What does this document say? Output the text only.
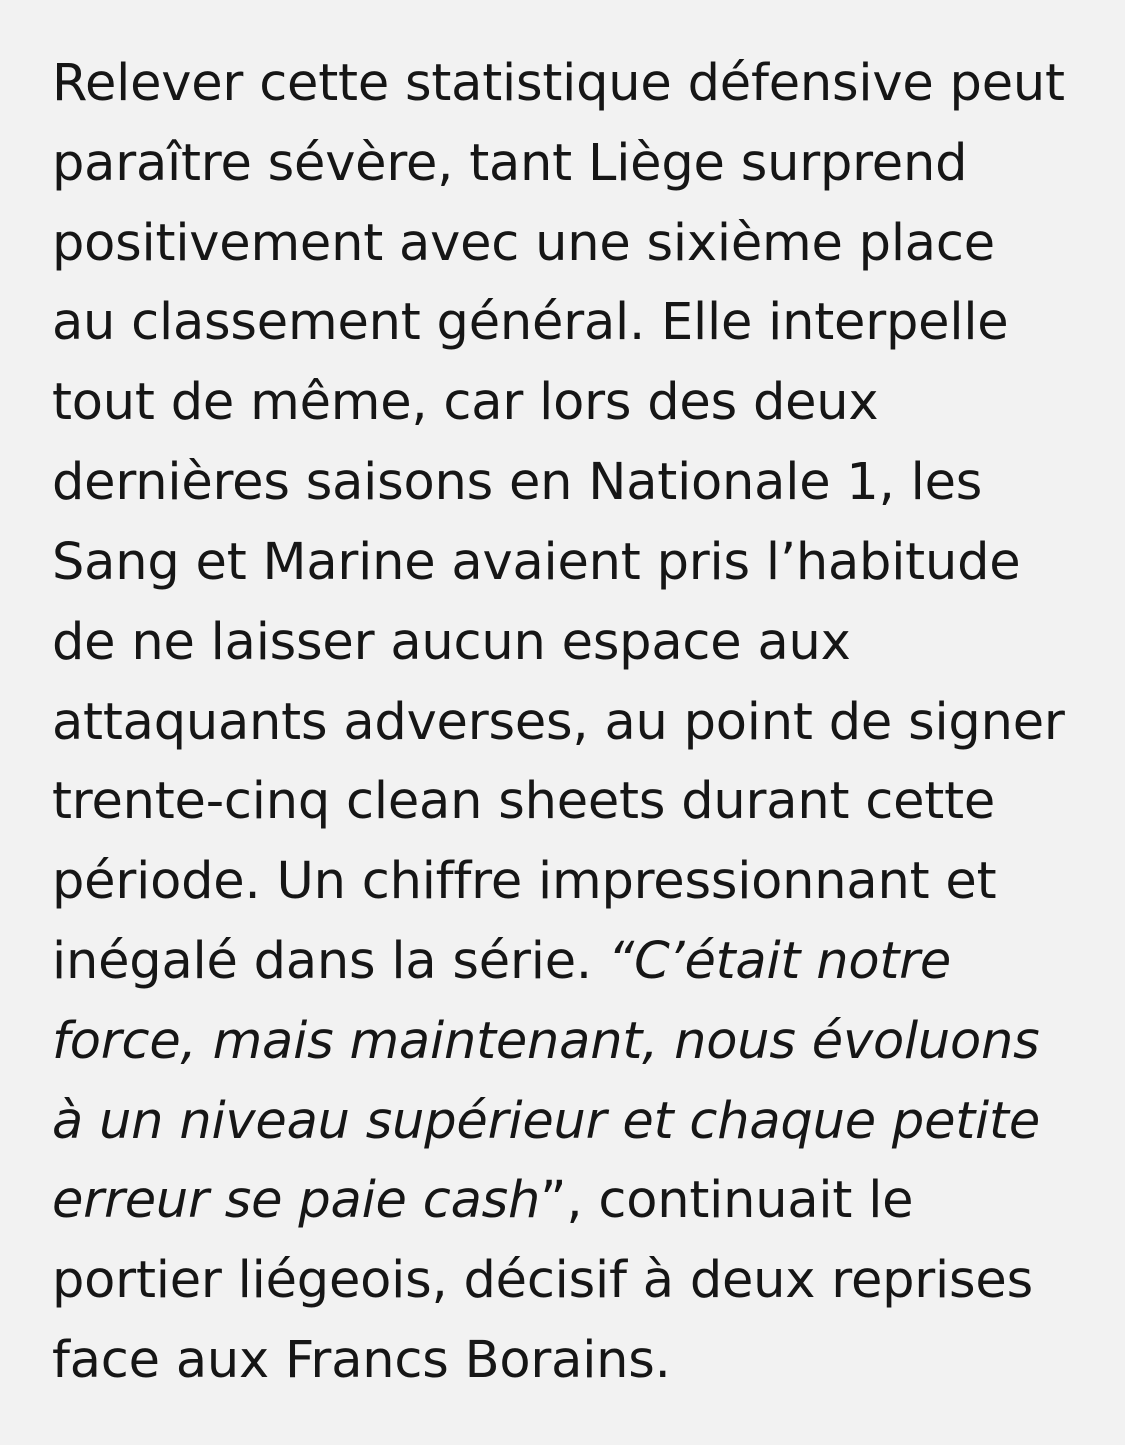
Relever cette statistique défensive peut paraître sévère, tant Liège surprend positivement avec une sixième place au classement général. Elle interpelle tout de même, car lors des deux dernières saisons en Nationale 1, les Sang et Marine avaient pris l’habitude de ne laisser aucun espace aux attaquants adverses, au point de signer trente-cinq clean sheets durant cette période. Un chiffre impressionnant et inégalé dans la série. “C’était notre force, mais maintenant, nous évoluons à un niveau supérieur et chaque petite erreur se paie cash”, continuait le portier liégeois, décisif à deux reprises face aux Francs Borains.
